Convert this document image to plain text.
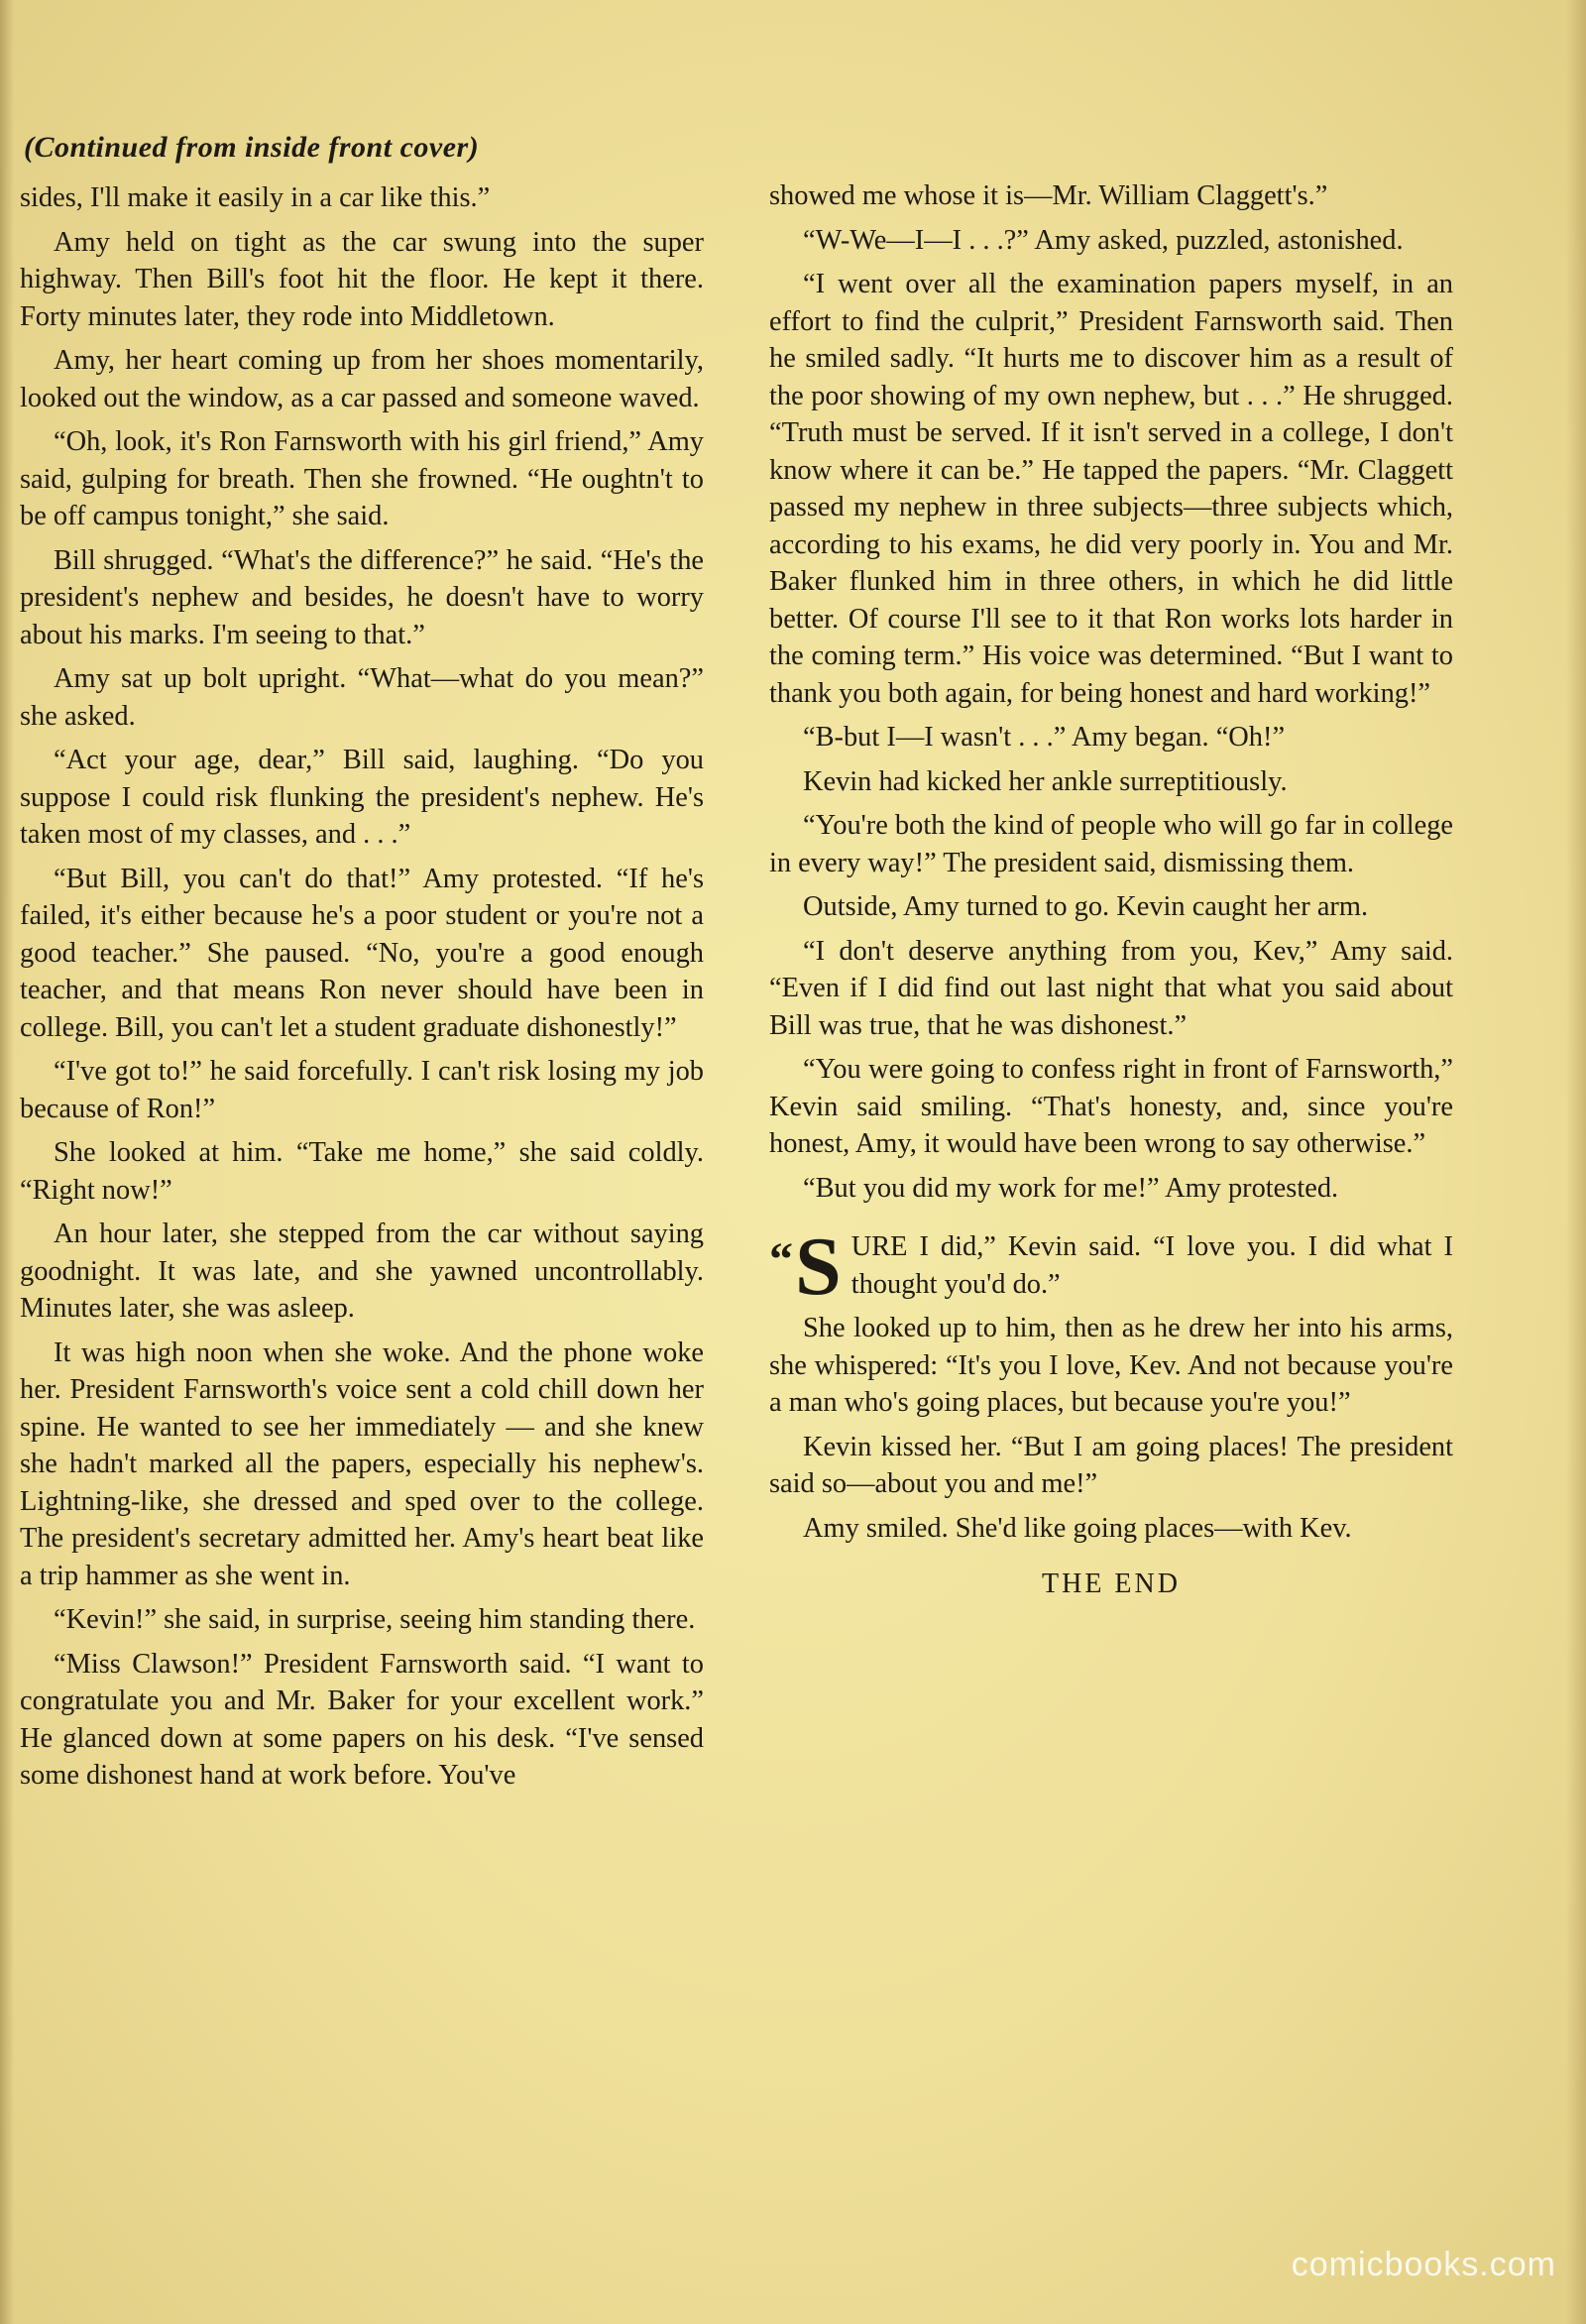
(Continued from inside front cover)

sides, I'll make it easily in a car like this.”

Amy held on tight as the car swung into the super highway. Then Bill's foot hit the floor. He kept it there. Forty minutes later, they rode into Middletown.

Amy, her heart coming up from her shoes momentarily, looked out the window, as a car passed and someone waved.

“Oh, look, it's Ron Farnsworth with his girl friend,” Amy said, gulping for breath. Then she frowned. “He oughtn't to be off campus tonight,” she said.

Bill shrugged. “What's the difference?” he said. “He's the president's nephew and besides, he doesn't have to worry about his marks. I'm seeing to that.”

Amy sat up bolt upright. “What—what do you mean?” she asked.

“Act your age, dear,” Bill said, laughing. “Do you suppose I could risk flunking the president's nephew. He's taken most of my classes, and . . .”

“But Bill, you can't do that!” Amy protested. “If he's failed, it's either because he's a poor student or you're not a good teacher.” She paused. “No, you're a good enough teacher, and that means Ron never should have been in college. Bill, you can't let a student graduate dishonestly!”

“I've got to!” he said forcefully. I can't risk losing my job because of Ron!”

She looked at him. “Take me home,” she said coldly. “Right now!”

An hour later, she stepped from the car without saying goodnight. It was late, and she yawned uncontrollably. Minutes later, she was asleep.

It was high noon when she woke. And the phone woke her. President Farnsworth's voice sent a cold chill down her spine. He wanted to see her immediately — and she knew she hadn't marked all the papers, especially his nephew's. Lightning-like, she dressed and sped over to the college. The president's secretary admitted her. Amy's heart beat like a trip hammer as she went in.

“Kevin!” she said, in surprise, seeing him standing there.

“Miss Clawson!” President Farnsworth said. “I want to congratulate you and Mr. Baker for your excellent work.” He glanced down at some papers on his desk. “I've sensed some dishonest hand at work before. You've

showed me whose it is—Mr. William Claggett's.”

“W-We—I—I . . .?” Amy asked, puzzled, astonished.

“I went over all the examination papers myself, in an effort to find the culprit,” President Farnsworth said. Then he smiled sadly. “It hurts me to discover him as a result of the poor showing of my own nephew, but . . .” He shrugged. “Truth must be served. If it isn't served in a college, I don't know where it can be.” He tapped the papers. “Mr. Claggett passed my nephew in three subjects—three subjects which, according to his exams, he did very poorly in. You and Mr. Baker flunked him in three others, in which he did little better. Of course I'll see to it that Ron works lots harder in the coming term.” His voice was determined. “But I want to thank you both again, for being honest and hard working!”

“B-but I—I wasn't . . .” Amy began. “Oh!”

Kevin had kicked her ankle surreptitiously.

“You're both the kind of people who will go far in college in every way!” The president said, dismissing them.

Outside, Amy turned to go. Kevin caught her arm.

“I don't deserve anything from you, Kev,” Amy said. “Even if I did find out last night that what you said about Bill was true, that he was dishonest.”

“You were going to confess right in front of Farnsworth,” Kevin said smiling. “That's honesty, and, since you're honest, Amy, it would have been wrong to say otherwise.”

“But you did my work for me!” Amy protested.

“S URE I did,” Kevin said. “I love you. I did what I thought you'd do.”

She looked up to him, then as he drew her into his arms, she whispered: “It's you I love, Kev. And not because you're a man who's going places, but because you're you!”

Kevin kissed her. “But I am going places! The president said so—about you and me!”

Amy smiled. She'd like going places—with Kev.

THE END
comicbooks.com
